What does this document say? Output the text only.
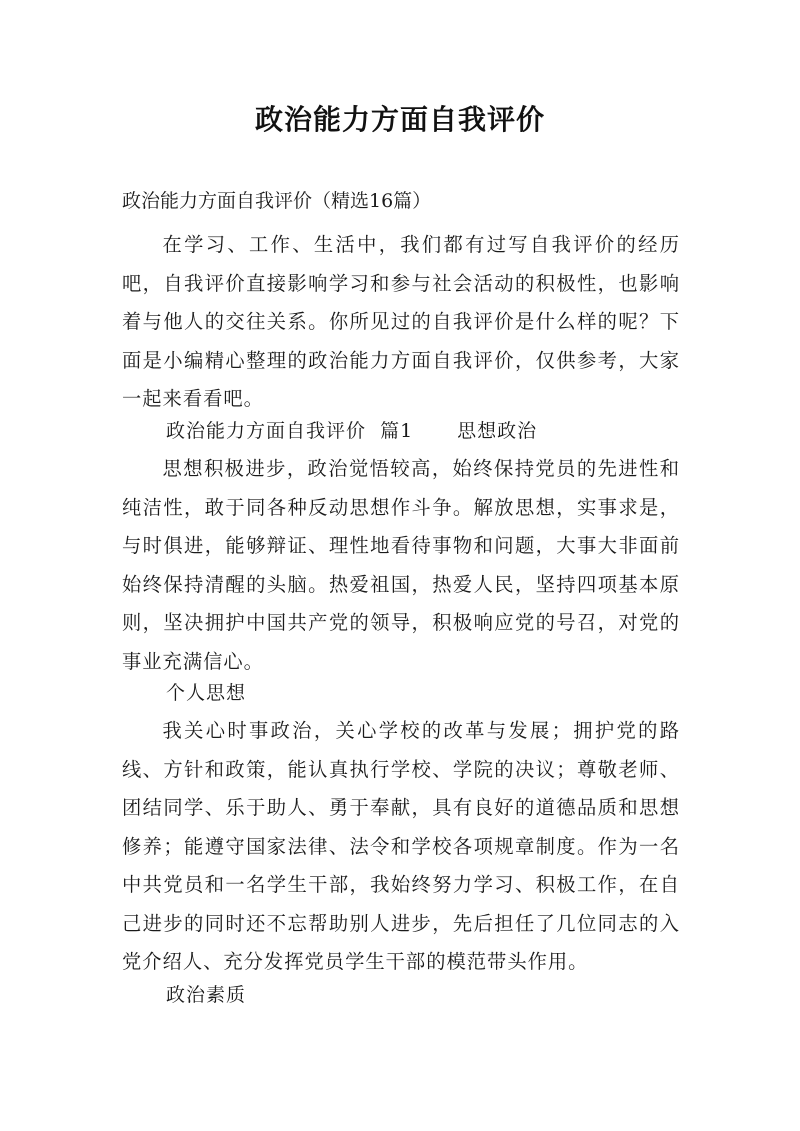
政治能力方面自我评价
政治能力方面自我评价（精选16篇）
在学习、工作、生活中，我们都有过写自我评价的经历吧，自我评价直接影响学习和参与社会活动的积极性，也影响着与他人的交往关系。你所见过的自我评价是什么样的呢？下面是小编精心整理的政治能力方面自我评价，仅供参考，大家一起来看看吧。
政治能力方面自我评价  篇1 思想政治
思想积极进步，政治觉悟较高，始终保持党员的先进性和纯洁性，敢于同各种反动思想作斗争。解放思想，实事求是，与时俱进，能够辩证、理性地看待事物和问题，大事大非面前始终保持清醒的头脑。热爱祖国，热爱人民，坚持四项基本原则，坚决拥护中国共产党的领导，积极响应党的号召，对党的事业充满信心。
个人思想
我关心时事政治，关心学校的改革与发展；拥护党的路线、方针和政策，能认真执行学校、学院的决议；尊敬老师、团结同学、乐于助人、勇于奉献，具有良好的道德品质和思想修养；能遵守国家法律、法令和学校各项规章制度。作为一名中共党员和一名学生干部，我始终努力学习、积极工作，在自己进步的同时还不忘帮助别人进步，先后担任了几位同志的入党介绍人、充分发挥党员学生干部的模范带头作用。
政治素质
